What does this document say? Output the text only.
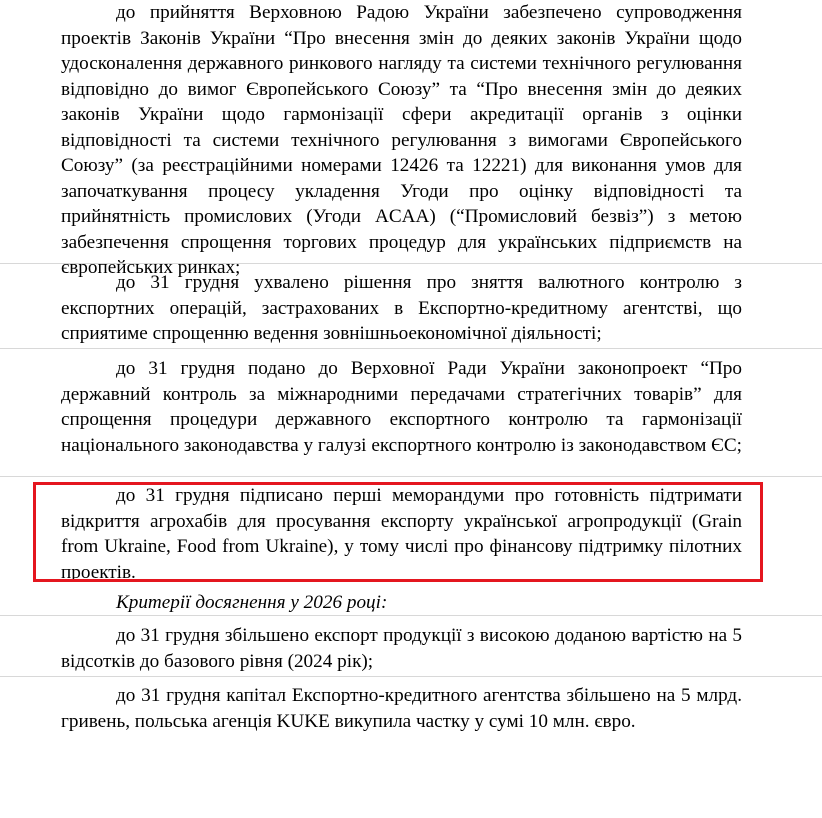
до прийняття Верховною Радою України забезпечено супроводження проектів Законів України “Про внесення змін до деяких законів України щодо удосконалення державного ринкового нагляду та системи технічного регулювання відповідно до вимог Європейського Союзу” та “Про внесення змін до деяких законів України щодо гармонізації сфери акредитації органів з оцінки відповідності та системи технічного регулювання з вимогами Європейського Союзу” (за реєстраційними номерами 12426 та 12221) для виконання умов для започаткування процесу укладення Угоди про оцінку відповідності та прийнятність промислових (Угоди ACAA) (“Промисловий безвіз”) з метою забезпечення спрощення торгових процедур для українських підприємств на європейських ринках;

до 31 грудня ухвалено рішення про зняття валютного контролю з експортних операцій, застрахованих в Експортно-кредитному агентстві, що сприятиме спрощенню ведення зовнішньоекономічної діяльності;

до 31 грудня подано до Верховної Ради України законопроект “Про державний контроль за міжнародними передачами стратегічних товарів” для спрощення процедури державного експортного контролю та гармонізації національного законодавства у галузі експортного контролю із законодавством ЄС;

до 31 грудня підписано перші меморандуми про готовність підтримати відкриття агрохабів для просування експорту української агропродукції (Grain from Ukraine, Food from Ukraine), у тому числі про фінансову підтримку пілотних проектів.

Критерії досягнення у 2026 році:

до 31 грудня збільшено експорт продукції з високою доданою вартістю на 5 відсотків до базового рівня (2024 рік);

до 31 грудня капітал Експортно-кредитного агентства збільшено на 5 млрд. гривень, польська агенція KUKE викупила частку у сумі 10 млн. євро.
